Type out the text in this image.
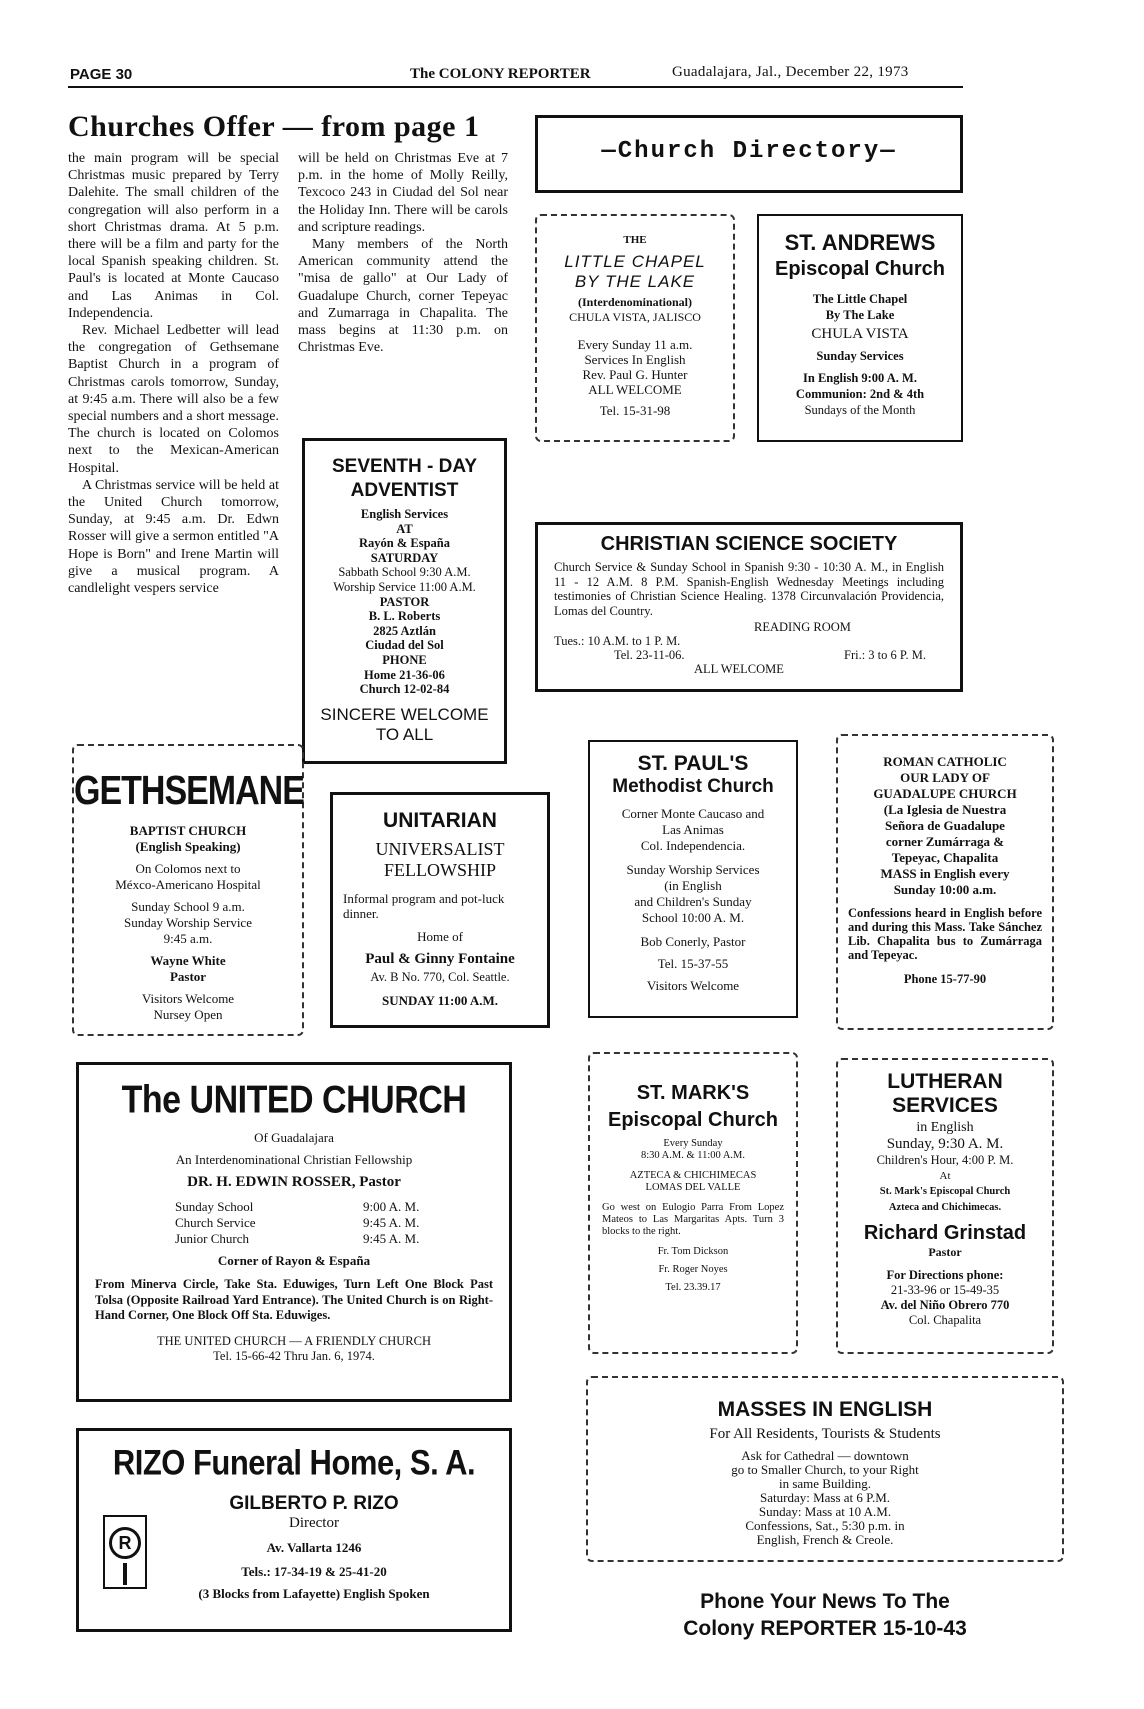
PAGE 30	The COLONY REPORTER	Guadalajara, Jal., December 22, 1973
Churches Offer — from page 1

the main program will be special Christmas music prepared by Terry Dalehite. The small children of the congregation will also perform in a short Christmas drama. At 5 p.m. there will be a film and party for the local Spanish speaking children. St. Paul's is located at Monte Caucaso and Las Animas in Col. Independencia.

Rev. Michael Ledbetter will lead the congregation of Gethsemane Baptist Church in a program of Christmas carols tomorrow, Sunday, at 9:45 a.m. There will also be a few special numbers and a short message. The church is located on Colomos next to the Mexican-American Hospital.

A Christmas service will be held at the United Church tomorrow, Sunday, at 9:45 a.m. Dr. Edwn Rosser will give a sermon entitled "A Hope is Born" and Irene Martin will give a musical program. A candlelight vespers service

will be held on Christmas Eve at 7 p.m. in the home of Molly Reilly, Texcoco 243 in Ciudad del Sol near the Holiday Inn. There will be carols and scripture readings.

Many members of the North American community attend the "misa de gallo" at Our Lady of Guadalupe Church, corner Tepeyac and Zumarraga in Chapalita. The mass begins at 11:30 p.m. on Christmas Eve.

—Church Directory—
THE
LITTLE CHAPEL
BY THE LAKE
(Interdenominational)
CHULA VISTA, JALISCO
Every Sunday 11 a.m.
Services In English
Rev. Paul G. Hunter
ALL WELCOME
Tel. 15-31-98
ST. ANDREWS
Episcopal Church
The Little Chapel
By The Lake
CHULA VISTA
Sunday Services
In English 9:00 A. M.
Communion: 2nd & 4th
Sundays of the Month
SEVENTH - DAY
ADVENTIST
English Services
AT
Rayón & España
SATURDAY
Sabbath School 9:30 A.M.
Worship Service 11:00 A.M.
PASTOR
B. L. Roberts
2825 Aztlán
Ciudad del Sol
PHONE
Home 21-36-06
Church 12-02-84
SINCERE WELCOME
TO ALL
CHRISTIAN SCIENCE SOCIETY
Church Service & Sunday School in Spanish 9:30 - 10:30 A. M., in English 11 - 12 A.M. 8 P.M. Spanish-English Wednesday Meetings including testimonies of Christian Science Healing. 1378 Circunvalación Providencia, Lomas del Country.
READING ROOM
Tues.: 10 A.M. to 1 P. M.
Tel. 23-11-06.	Fri.: 3 to 6 P. M.
ALL WELCOME
GETHSEMANE
BAPTIST CHURCH
(English Speaking)
On Colomos next to
Méxco-Americano Hospital
Sunday School 9 a.m.
Sunday Worship Service
9:45 a.m.
Wayne White
Pastor
Visitors Welcome
Nursey Open
UNITARIAN
UNIVERSALIST
FELLOWSHIP
Informal program and pot-luck dinner.
Home of
Paul & Ginny Fontaine
Av. B No. 770, Col. Seattle.
SUNDAY 11:00 A.M.
ST. PAUL'S
Methodist Church
Corner Monte Caucaso and
Las Animas
Col. Independencia.
Sunday Worship Services
(in English
and Children's Sunday
School 10:00 A. M.
Bob Conerly, Pastor
Tel. 15-37-55
Visitors Welcome
ROMAN CATHOLIC
OUR LADY OF
GUADALUPE CHURCH
(La Iglesia de Nuestra
Señora de Guadalupe
corner Zumárraga &
Tepeyac, Chapalita
MASS in English every
Sunday 10:00 a.m.
Confessions heard in English before and during this Mass. Take Sánchez Lib. Chapalita bus to Zumárraga and Tepeyac.
Phone 15-77-90
The UNITED CHURCH
Of Guadalajara
An Interdenominational Christian Fellowship
DR. H. EDWIN ROSSER, Pastor
Sunday School	9:00 A. M.
Church Service	9:45 A. M.
Junior Church	9:45 A. M.
Corner of Rayon & España
From Minerva Circle, Take Sta. Eduwiges, Turn Left One Block Past Tolsa (Opposite Railroad Yard Entrance). The United Church is on Right-Hand Corner, One Block Off Sta. Eduwiges.
THE UNITED CHURCH — A FRIENDLY CHURCH
Tel. 15-66-42 Thru Jan. 6, 1974.
ST. MARK'S
Episcopal Church
Every Sunday
8:30 A.M. & 11:00 A.M.
AZTECA & CHICHIMECAS
LOMAS DEL VALLE
Go west on Eulogio Parra From Lopez Mateos to Las Margaritas Apts. Turn 3 blocks to the right.
Fr. Tom Dickson
Fr. Roger Noyes
Tel. 23.39.17
LUTHERAN
SERVICES
in English
Sunday, 9:30 A. M.
Children's Hour, 4:00 P. M.
At
St. Mark's Episcopal Church
Azteca and Chichimecas.
Richard Grinstad
Pastor
For Directions phone:
21-33-96 or 15-49-35
Av. del Niño Obrero 770
Col. Chapalita
RIZO Funeral Home, S. A.
R
GILBERTO P. RIZO
Director
Av. Vallarta 1246
Tels.: 17-34-19 & 25-41-20
(3 Blocks from Lafayette) English Spoken
MASSES IN ENGLISH
For All Residents, Tourists & Students
Ask for Cathedral — downtown
go to Smaller Church, to your Right
in same Building.
Saturday: Mass at 6 P.M.
Sunday: Mass at 10 A.M.
Confessions, Sat., 5:30 p.m. in
English, French & Creole.
Phone Your News To The
Colony REPORTER 15-10-43
